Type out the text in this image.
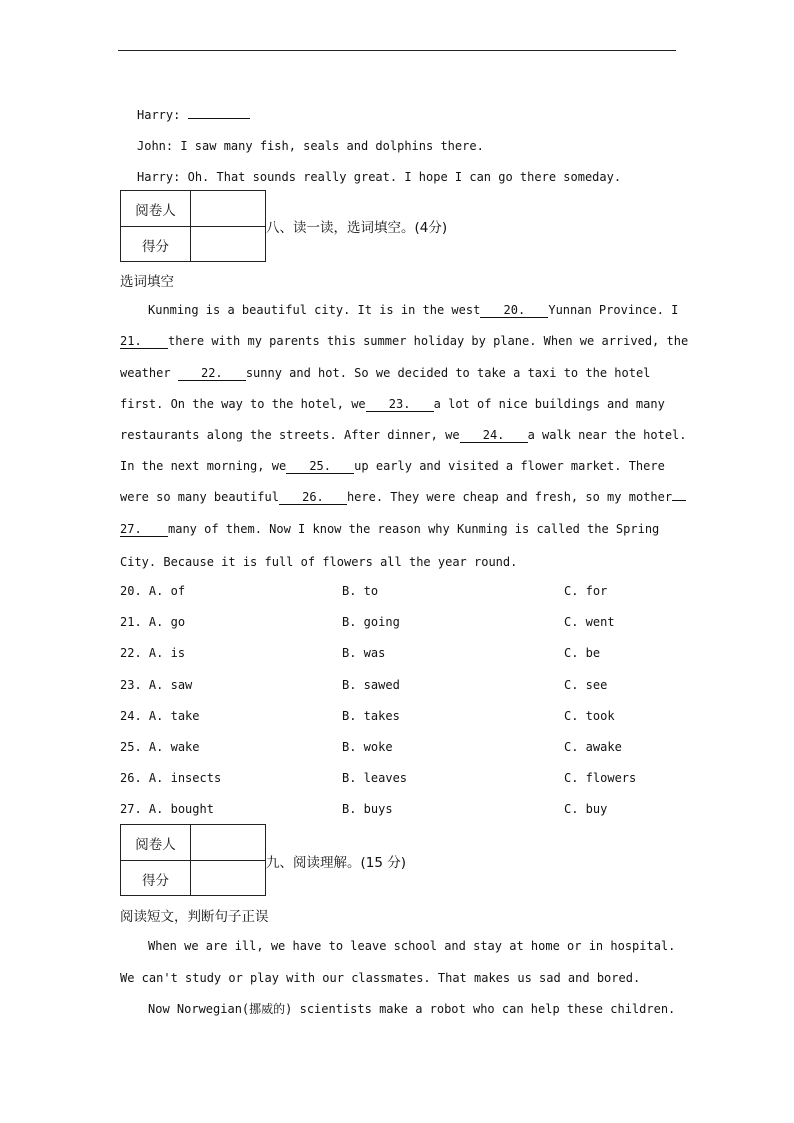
Harry:
John: I saw many fish, seals and dolphins there.
Harry: Oh. That sounds really great. I hope I can go there someday.
阅卷人
得分
八、读一读，选词填空。(4分)
选词填空
Kunming is a beautiful city. It is in the west 20. Yunnan Province. I
21. there with my parents this summer holiday by plane. When we arrived, the
weather	22. sunny and hot. So we decided to take a taxi to the hotel
first. On the way to the hotel, we 23. a lot of nice buildings and many
restaurants along the streets. After dinner, we 24. a walk near the hotel.
In the next morning, we 25. up early and visited a flower market. There
were so many beautiful 26. here. They were cheap and fresh, so my mother
27. many of them. Now I know the reason why Kunming is called the Spring
City. Because it is full of flowers all the year round.
20. A. of	B. to	C. for
21. A. go	B. going	C. went
22. A. is	B. was	C. be
23. A. saw	B. sawed	C. see
24. A. take	B. takes	C. took
25. A. wake	B. woke	C. awake
26. A. insects	B. leaves	C. flowers
27. A. bought	B. buys	C. buy
阅卷人
得分
九、阅读理解。(15 分)
阅读短文，判断句子正误
When we are ill, we have to leave school and stay at home or in hospital.
We can't study or play with our classmates. That makes us sad and bored.
Now Norwegian(挪威的) scientists make a robot who can help these children.
